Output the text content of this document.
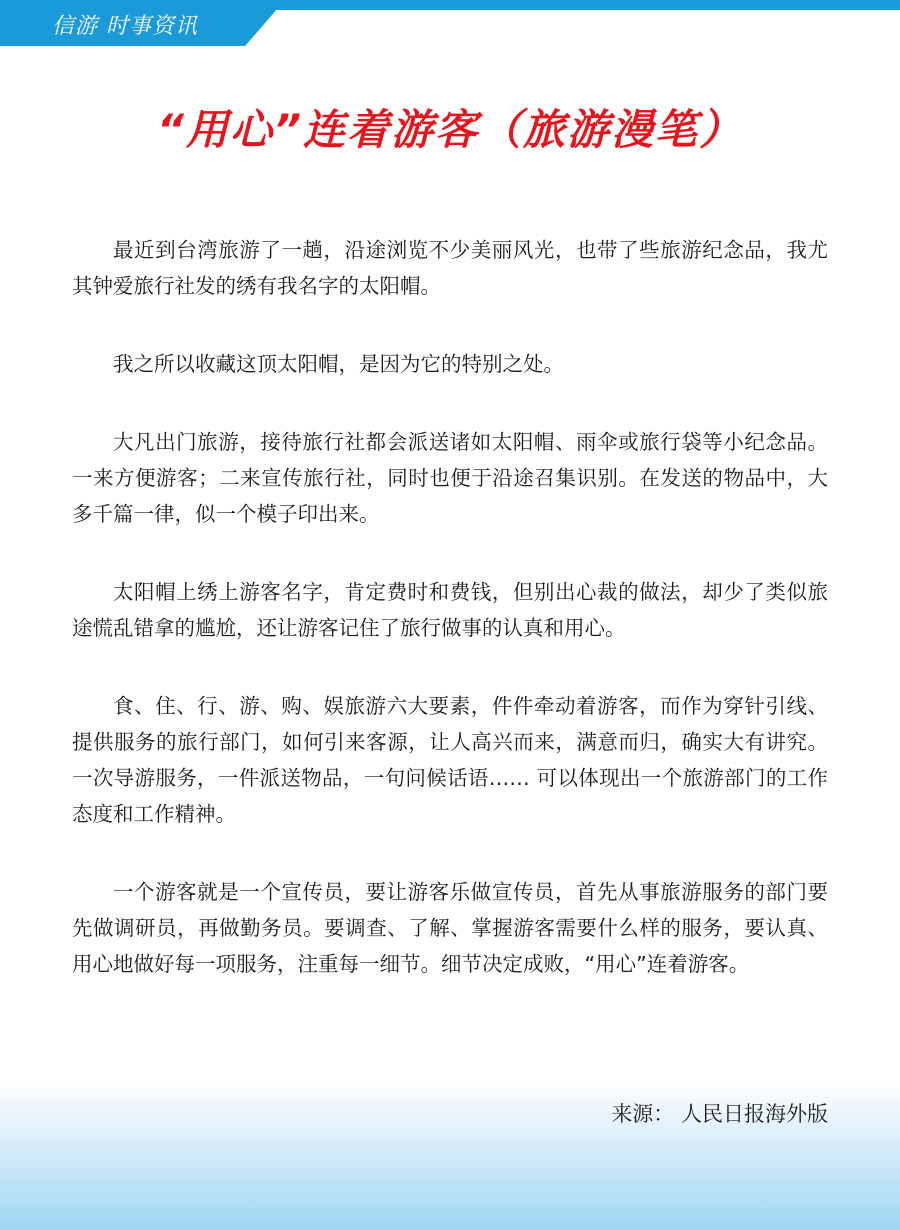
信游 时事资讯
“用心”连着游客（旅游漫笔）

最近到台湾旅游了一趟，沿途浏览不少美丽风光，也带了些旅游纪念品，我尤其钟爱旅行社发的绣有我名字的太阳帽。

我之所以收藏这顶太阳帽，是因为它的特别之处。

大凡出门旅游，接待旅行社都会派送诸如太阳帽、雨伞或旅行袋等小纪念品。一来方便游客；二来宣传旅行社，同时也便于沿途召集识别。在发送的物品中，大多千篇一律，似一个模子印出来。

太阳帽上绣上游客名字，肯定费时和费钱，但别出心裁的做法，却少了类似旅途慌乱错拿的尴尬，还让游客记住了旅行做事的认真和用心。

食、住、行、游、购、娱旅游六大要素，件件牵动着游客，而作为穿针引线、提供服务的旅行部门，如何引来客源，让人高兴而来，满意而归，确实大有讲究。一次导游服务，一件派送物品，一句问候话语…… 可以体现出一个旅游部门的工作态度和工作精神。

一个游客就是一个宣传员，要让游客乐做宣传员，首先从事旅游服务的部门要先做调研员，再做勤务员。要调查、了解、掌握游客需要什么样的服务，要认真、用心地做好每一项服务，注重每一细节。细节决定成败，“用心”连着游客。

来源： 人民日报海外版
